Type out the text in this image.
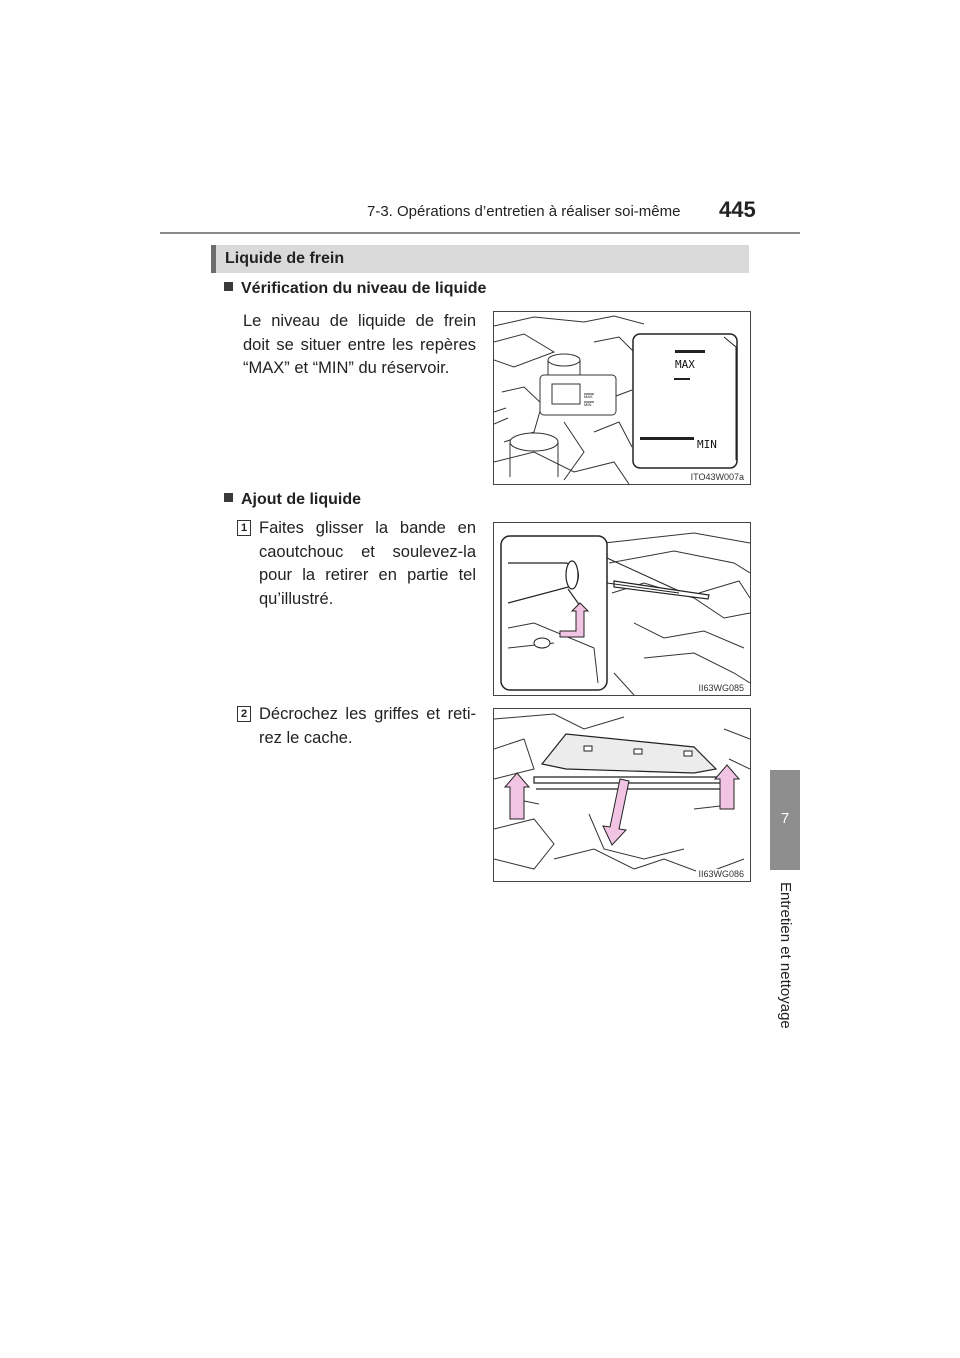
7-3. Opérations d’entretien à réaliser soi-même 445
7
Entretien et nettoyage
Liquide de frein
Vérification du niveau de liquide
Le niveau de liquide de frein doit se situer entre les repères “MAX” et “MIN” du réservoir.	MAX
MIN
MAX
MIN
ITO43W007a
Ajout de liquide
1 Faites glisser la bande en caoutchouc et soulevez-la pour la retirer en partie tel qu’illustré.
II63WG085
2 Décrochez les griffes et reti-rez le cache.
II63WG086
